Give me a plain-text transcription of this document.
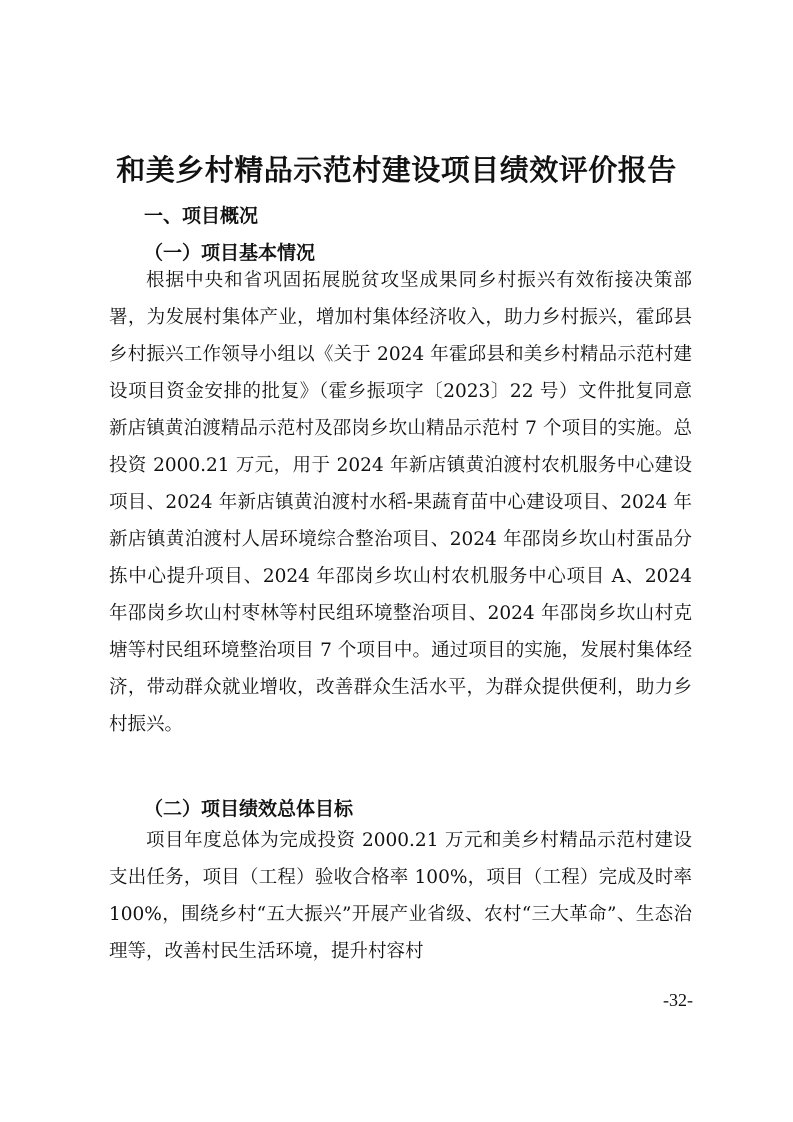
和美乡村精品示范村建设项目绩效评价报告
一、项目概况
（一）项目基本情况

根据中央和省巩固拓展脱贫攻坚成果同乡村振兴有效衔接决策部署，为发展村集体产业，增加村集体经济收入，助力乡村振兴，霍邱县乡村振兴工作领导小组以《关于 2024 年霍邱县和美乡村精品示范村建设项目资金安排的批复》（霍乡振项字〔2023〕22 号）文件批复同意新店镇黄泊渡精品示范村及邵岗乡坎山精品示范村 7 个项目的实施。总投资 2000.21 万元，用于 2024 年新店镇黄泊渡村农机服务中心建设项目、2024 年新店镇黄泊渡村水稻-果蔬育苗中心建设项目、2024 年新店镇黄泊渡村人居环境综合整治项目、2024 年邵岗乡坎山村蛋品分拣中心提升项目、2024 年邵岗乡坎山村农机服务中心项目 A、2024 年邵岗乡坎山村枣林等村民组环境整治项目、2024 年邵岗乡坎山村克塘等村民组环境整治项目 7 个项目中。通过项目的实施，发展村集体经济，带动群众就业增收，改善群众生活水平，为群众提供便利，助力乡村振兴。

（二）项目绩效总体目标

项目年度总体为完成投资 2000.21 万元和美乡村精品示范村建设支出任务，项目（工程）验收合格率 100%，项目（工程）完成及时率 100%，围绕乡村“五大振兴”开展产业省级、农村“三大革命”、生态治理等，改善村民生活环境，提升村容村

-32-
